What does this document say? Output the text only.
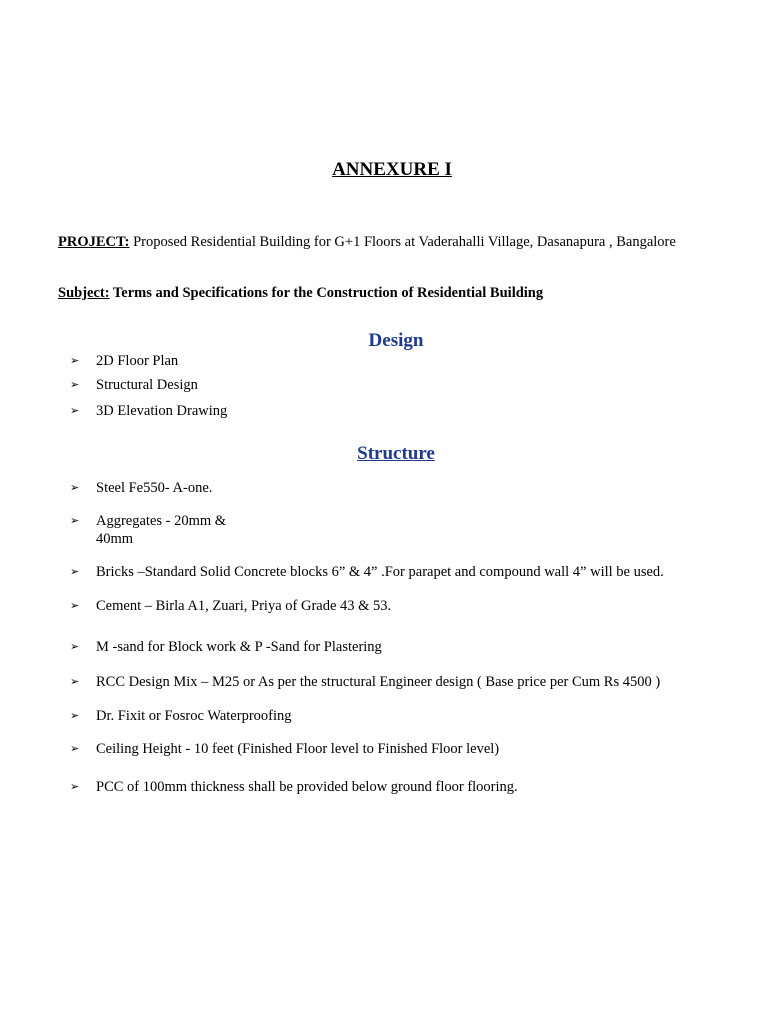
ANNEXURE I

PROJECT: Proposed Residential Building for G+1 Floors at Vaderahalli Village, Dasanapura , Bangalore

Subject: Terms and Specifications for the Construction of Residential Building

Design
➢	2D Floor Plan
➢	Structural Design
➢	3D Elevation Drawing
Structure
➢	Steel Fe550- A-one.
➢	Aggregates - 20mm & 40mm
➢	Bricks –Standard Solid Concrete blocks 6” & 4” .For parapet and compound wall 4” will be used.
➢	Cement – Birla A1, Zuari, Priya of Grade 43 & 53.
➢	M -sand for Block work & P -Sand for Plastering
➢	RCC Design Mix – M25 or As per the structural Engineer design ( Base price per Cum Rs 4500 )
➢	Dr. Fixit or Fosroc Waterproofing
➢	Ceiling Height - 10 feet (Finished Floor level to Finished Floor level)
➢	PCC of 100mm thickness shall be provided below ground floor flooring.
